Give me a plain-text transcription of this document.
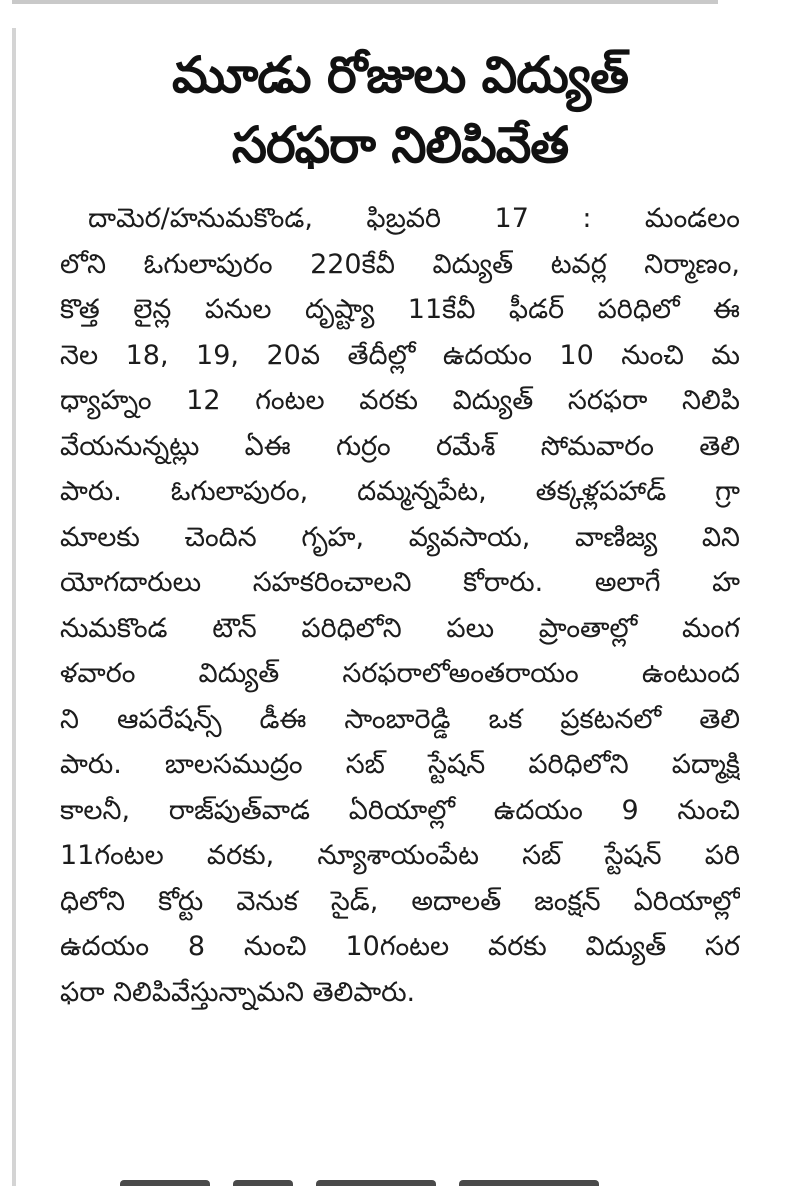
మూడు రోజులు విద్యుత్
సరఫరా నిలిపివేత
దామెర/హనుమకొండ, ఫిబ్రవరి 17 : మండలం
లోని ఓగులాపురం 220కేవీ విద్యుత్ టవర్ల నిర్మాణం,
కొత్త లైన్ల పనుల దృష్ట్యా 11కేవీ ఫీడర్ పరిధిలో ఈ
నెల 18, 19, 20వ తేదీల్లో ఉదయం 10 నుంచి మ
ధ్యాహ్నం 12 గంటల వరకు విద్యుత్ సరఫరా నిలిపి
వేయనున్నట్లు ఏఈ గుర్రం రమేశ్ సోమవారం తెలి
పారు. ఓగులాపురం, దమ్మన్నపేట, తక్కళ్లపహాడ్ గ్రా
మాలకు చెందిన గృహ, వ్యవసాయ, వాణిజ్య విని
యోగదారులు సహకరించాలని కోరారు. అలాగే హ
నుమకొండ టౌన్ పరిధిలోని పలు ప్రాంతాల్లో మంగ
ళవారం విద్యుత్ సరఫరాలోఅంతరాయం ఉంటుంద
ని ఆపరేషన్స్ డీఈ సాంబారెడ్డి ఒక ప్రకటనలో తెలి
పారు. బాలసముద్రం సబ్ స్టేషన్ పరిధిలోని పద్మాక్షి
కాలనీ, రాజ్‌పుత్‌వాడ ఏరియాల్లో ఉదయం 9 నుంచి
11గంటల వరకు, న్యూశాయంపేట సబ్ స్టేషన్ పరి
ధిలోని కోర్టు వెనుక సైడ్, అదాలత్ జంక్షన్ ఏరియాల్లో
ఉదయం 8 నుంచి 10గంటల వరకు విద్యుత్ సర
ఫరా నిలిపివేస్తున్నామని తెలిపారు.
